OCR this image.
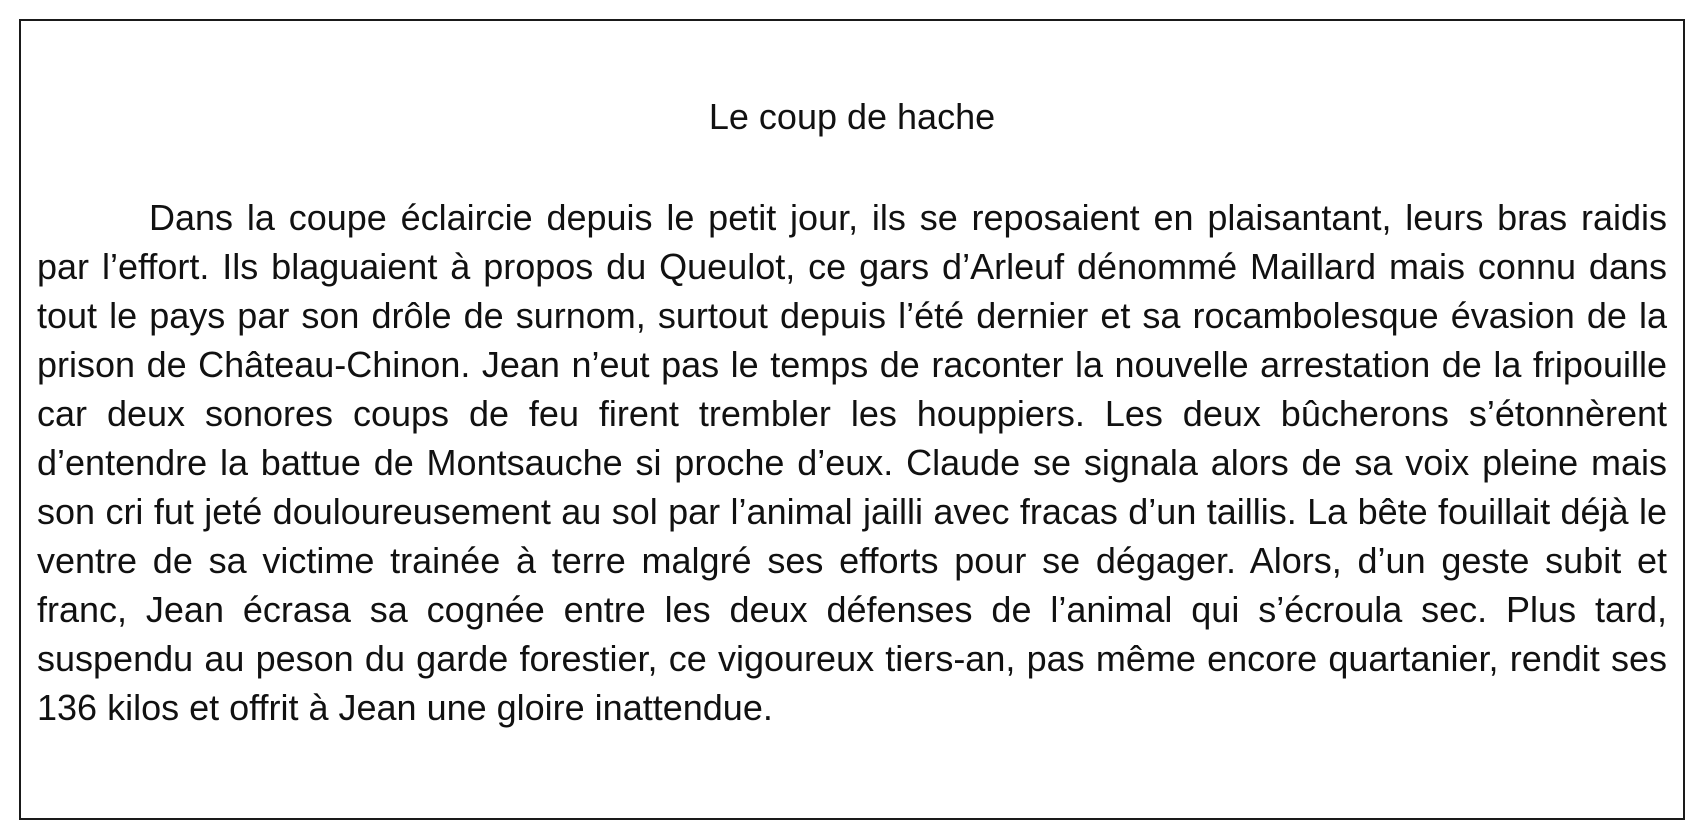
Le coup de hache

Dans la coupe éclaircie depuis le petit jour, ils se reposaient en plaisantant, leurs bras raidis par l’effort. Ils blaguaient à propos du Queulot, ce gars d’Arleuf dénommé Maillard mais connu dans tout le pays par son drôle de surnom, surtout depuis l’été dernier et sa rocambolesque évasion de la prison de Château-Chinon. Jean n’eut pas le temps de raconter la nouvelle arrestation de la fripouille car deux sonores coups de feu firent trembler les houppiers. Les deux bûcherons s’étonnèrent d’entendre la battue de Montsauche si proche d’eux. Claude se signala alors de sa voix pleine mais son cri fut jeté douloureusement au sol par l’animal jailli avec fracas d’un taillis. La bête fouillait déjà le ventre de sa victime trainée à terre malgré ses efforts pour se dégager. Alors, d’un geste subit et franc, Jean écrasa sa cognée entre les deux défenses de l’animal qui s’écroula sec. Plus tard, suspendu au peson du garde forestier, ce vigoureux tiers-an, pas même encore quartanier, rendit ses 136 kilos et offrit à Jean une gloire inattendue.
